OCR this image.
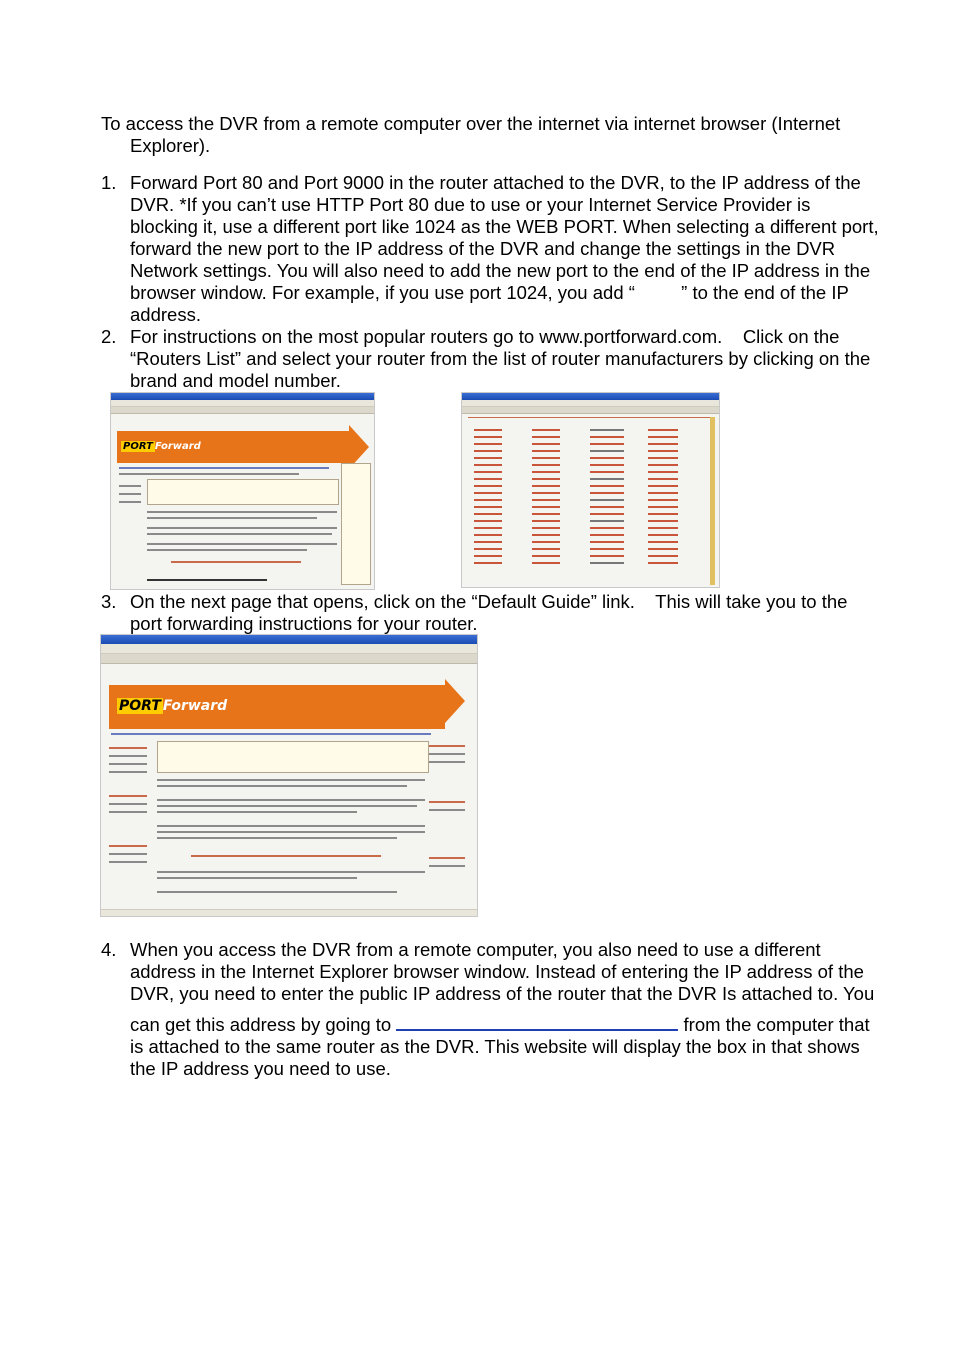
To access the DVR from a remote computer over the internet via internet browser (Internet Explorer).

1. Forward Port 80 and Port 9000 in the router attached to the DVR, to the IP address of the
DVR. *If you can’t use HTTP Port 80 due to use or your Internet Service Provider is
blocking it, use a different port like 1024 as the WEB PORT. When selecting a different port,
forward the new port to the IP address of the DVR and change the settings in the DVR
Network settings. You will also need to add the new port to the end of the IP address in the
browser window. For example, if you use port 1024, you add “         ” to the end of the IP
address.
2. For instructions on the most popular routers go to www.portforward.com.    Click on the
“Routers List” and select your router from the list of router manufacturers by clicking on the
brand and model number.
PORT Forward
3. On the next page that opens, click on the “Default Guide” link.    This will take you to the
port forwarding instructions for your router.
PORT Forward
4. When you access the DVR from a remote computer, you also need to use a different
address in the Internet Explorer browser window. Instead of entering the IP address of the
DVR, you need to enter the public IP address of the router that the DVR Is attached to. You
can get this address by going to	from the computer that
is attached to the same router as the DVR. This website will display the box in that shows
the IP address you need to use.
